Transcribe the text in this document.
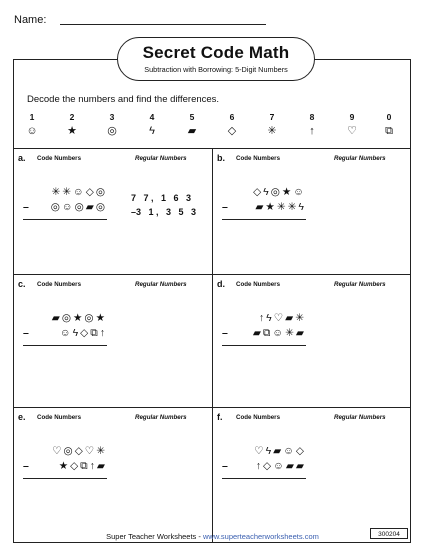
Name:
Secret Code Math
Subtraction with Borrowing: 5-Digit Numbers
Decode the numbers and find the differences.
1
☺
2
★
3
◎
4
ϟ
5
▰
6
◇
7
✳
8
↑
9
♡
0
⧉
a. Code Numbers	Regular Numbers
✳✳☺◇◎
– ◎☺◎▰◎
7 7, 1 6 3
– 3 1, 3 5 3
b. Code Numbers	Regular Numbers
◇ϟ◎★☺
–	▰★✳✳ϟ
c. Code Numbers	Regular Numbers
▰◎★◎★
–	☺ϟ◇⧉↑
d. Code Numbers	Regular Numbers
↑ϟ♡▰✳
– ▰⧉☺✳▰
e. Code Numbers	Regular Numbers
♡◎◇♡✳
–	★◇⧉↑▰
f. Code Numbers	Regular Numbers
♡ϟ▰☺◇
–	↑◇☺▰▰
Super Teacher Worksheets - www.superteacherworksheets.com	300204
